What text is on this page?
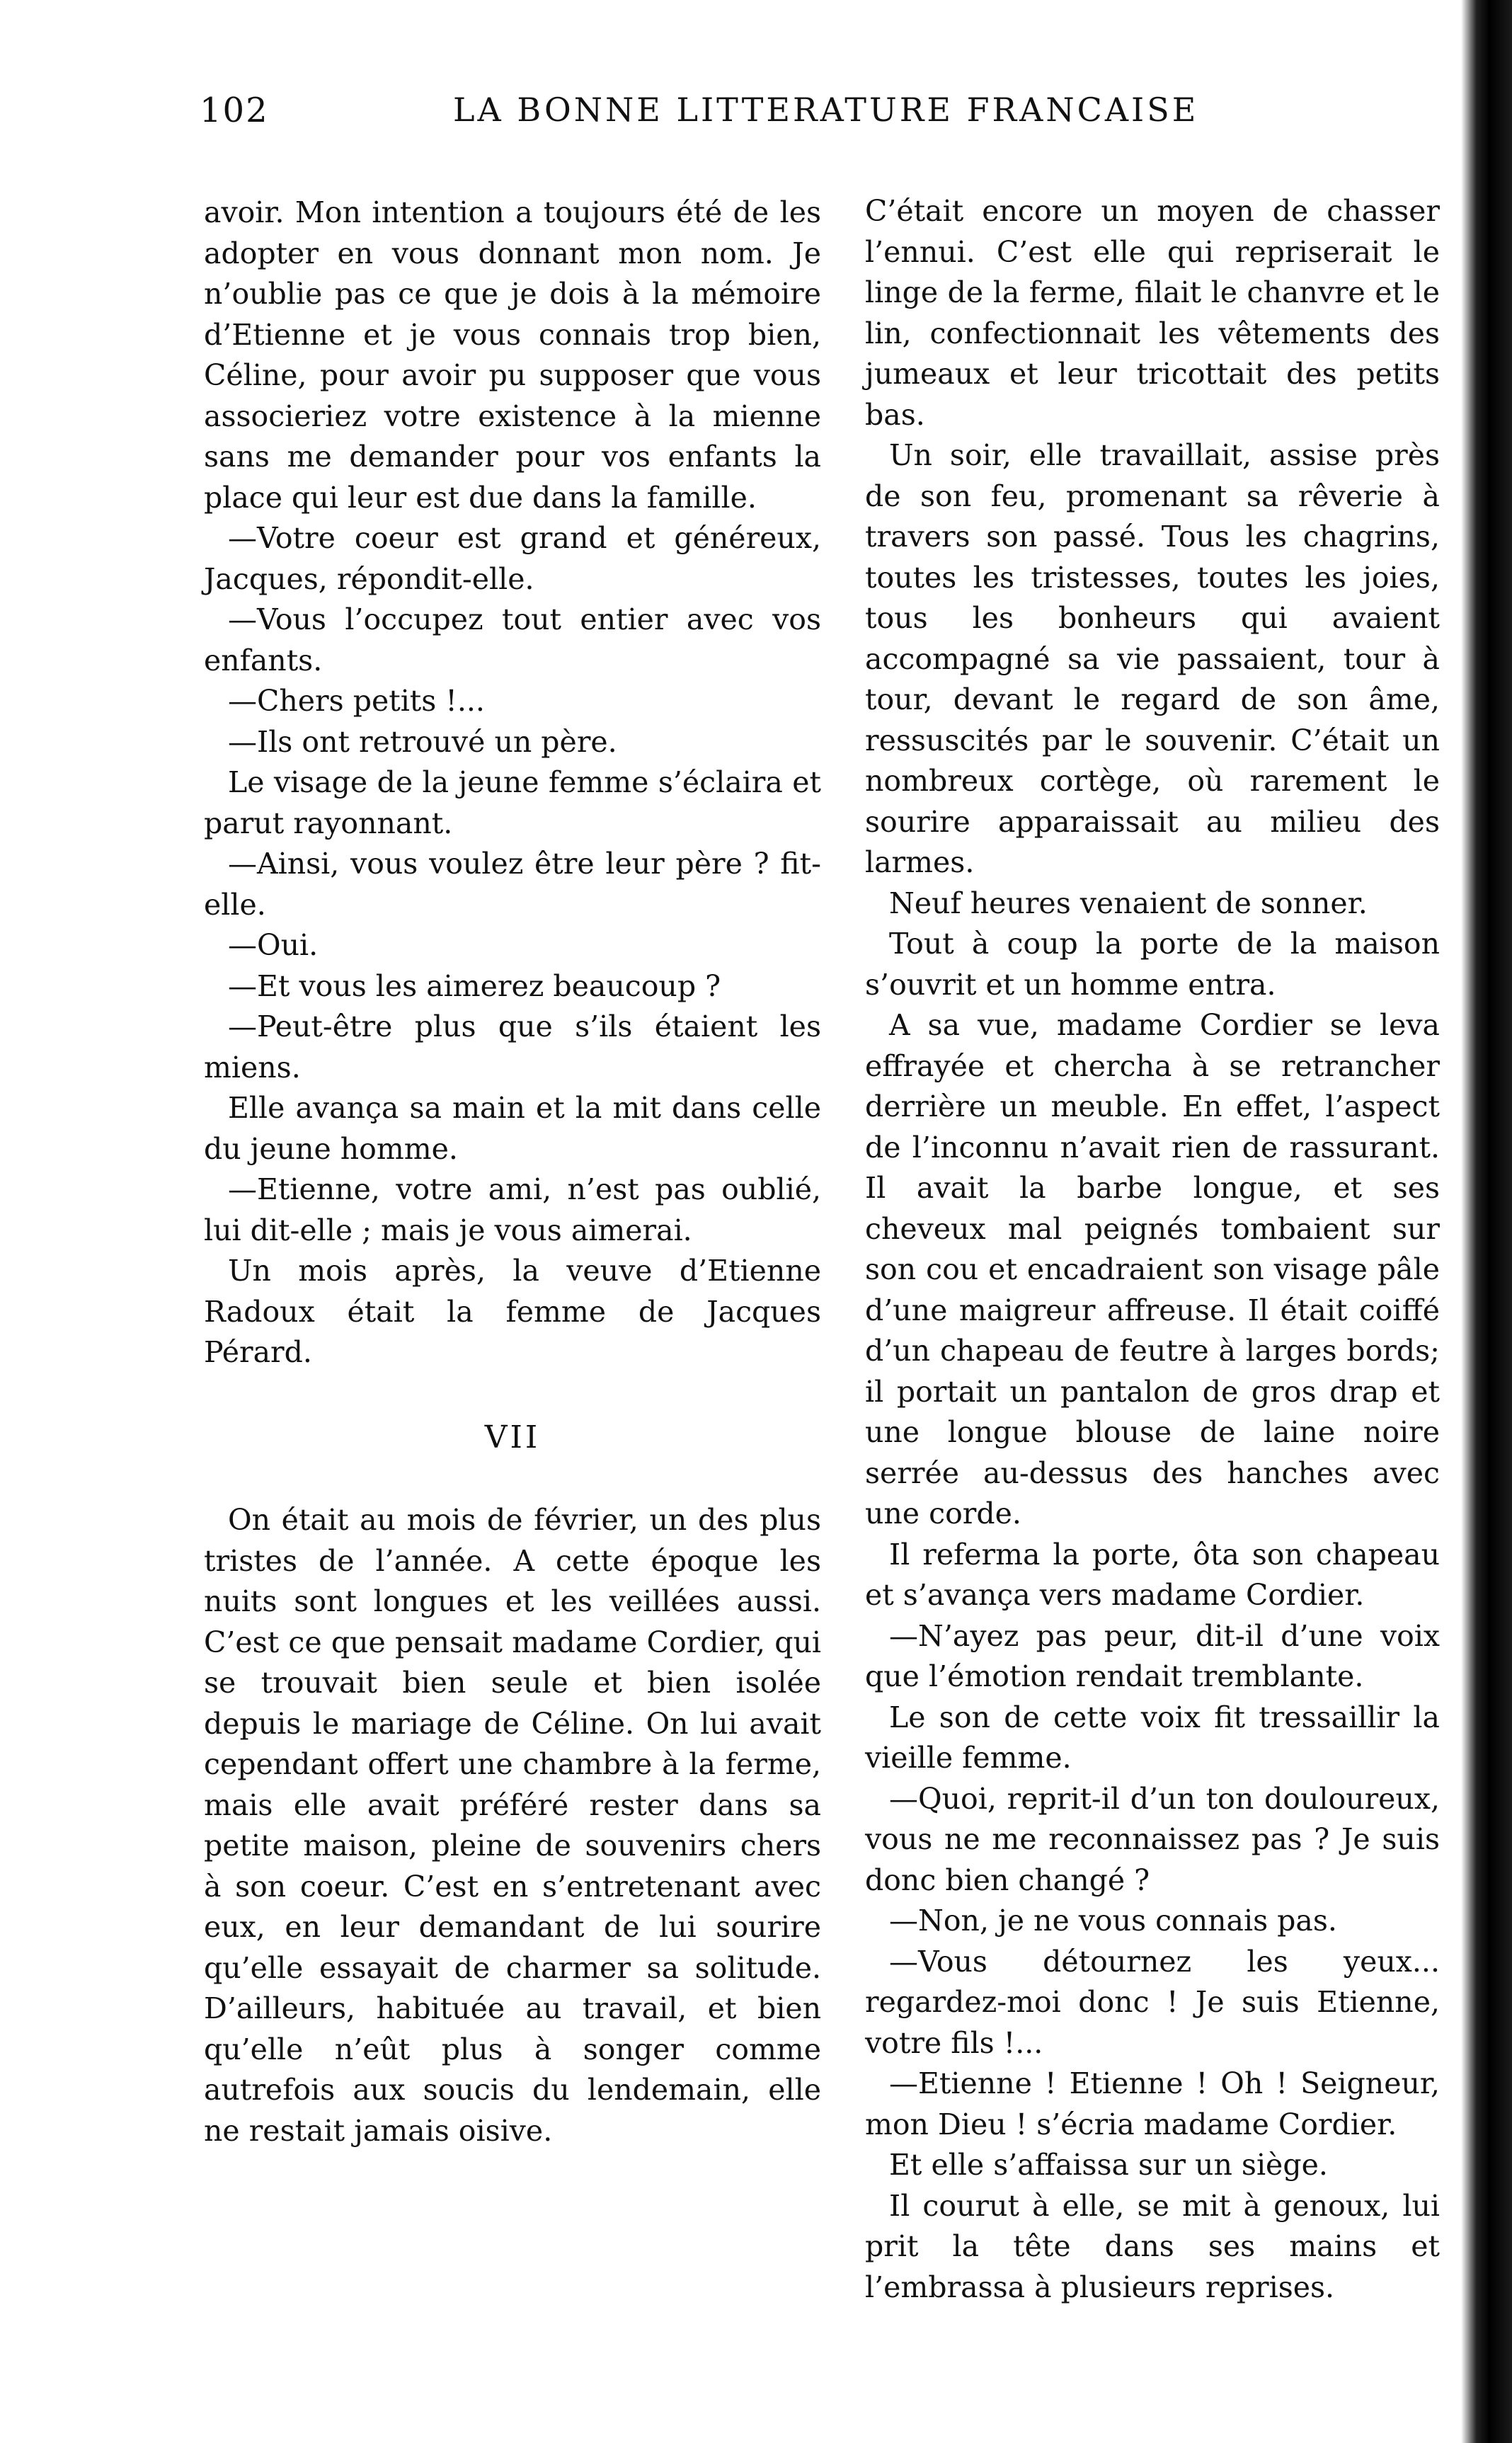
102	LA BONNE LITTERATURE FRANCAISE

avoir. Mon intention a toujours été de les adopter en vous donnant mon nom. Je n’oublie pas ce que je dois à la mémoire d’Etienne et je vous connais trop bien, Céline, pour avoir pu supposer que vous associeriez votre existence à la mienne sans me demander pour vos enfants la place qui leur est due dans la famille.

—Votre coeur est grand et généreux, Jacques, répondit-elle.

—Vous l’occupez tout entier avec vos enfants.

—Chers petits !...

—Ils ont retrouvé un père.

Le visage de la jeune femme s’éclaira et parut rayonnant.

—Ainsi, vous voulez être leur père ? fit-elle.

—Oui.

—Et vous les aimerez beaucoup ?

—Peut-être plus que s’ils étaient les miens.

Elle avança sa main et la mit dans celle du jeune homme.

—Etienne, votre ami, n’est pas oublié, lui dit-elle ; mais je vous aimerai.

Un mois après, la veuve d’Etienne Radoux était la femme de Jacques Pérard.

VII

On était au mois de février, un des plus tristes de l’année. A cette époque les nuits sont longues et les veillées aussi. C’est ce que pensait madame Cordier, qui se trouvait bien seule et bien isolée depuis le mariage de Céline. On lui avait cependant offert une chambre à la ferme, mais elle avait préféré rester dans sa petite maison, pleine de souvenirs chers à son coeur. C’est en s’entretenant avec eux, en leur demandant de lui sourire qu’elle essayait de charmer sa solitude. D’ailleurs, habituée au travail, et bien qu’elle n’eût plus à songer comme autrefois aux soucis du lendemain, elle ne restait jamais oisive.

C’était encore un moyen de chasser l’ennui. C’est elle qui repriserait le linge de la ferme, filait le chanvre et le lin, confectionnait les vêtements des jumeaux et leur tricottait des petits bas.

Un soir, elle travaillait, assise près de son feu, promenant sa rêverie à travers son passé. Tous les chagrins, toutes les tristesses, toutes les joies, tous les bonheurs qui avaient accompagné sa vie passaient, tour à tour, devant le regard de son âme, ressuscités par le souvenir. C’était un nombreux cortège, où rarement le sourire apparaissait au milieu des larmes.

Neuf heures venaient de sonner.

Tout à coup la porte de la maison s’ouvrit et un homme entra.

A sa vue, madame Cordier se leva effrayée et chercha à se retrancher derrière un meuble. En effet, l’aspect de l’inconnu n’avait rien de rassurant. Il avait la barbe longue, et ses cheveux mal peignés tombaient sur son cou et encadraient son visage pâle d’une maigreur affreuse. Il était coiffé d’un chapeau de feutre à larges bords; il portait un pantalon de gros drap et une longue blouse de laine noire serrée au-dessus des hanches avec une corde.

Il referma la porte, ôta son chapeau et s’avança vers madame Cordier.

—N’ayez pas peur, dit-il d’une voix que l’émotion rendait tremblante.

Le son de cette voix fit tressaillir la vieille femme.

—Quoi, reprit-il d’un ton douloureux, vous ne me reconnaissez pas ? Je suis donc bien changé ?

—Non, je ne vous connais pas.

—Vous détournez les yeux... regardez-moi donc ! Je suis Etienne, votre fils !...

—Etienne ! Etienne ! Oh ! Seigneur, mon Dieu ! s’écria madame Cordier.

Et elle s’affaissa sur un siège.

Il courut à elle, se mit à genoux, lui prit la tête dans ses mains et l’embrassa à plusieurs reprises.
